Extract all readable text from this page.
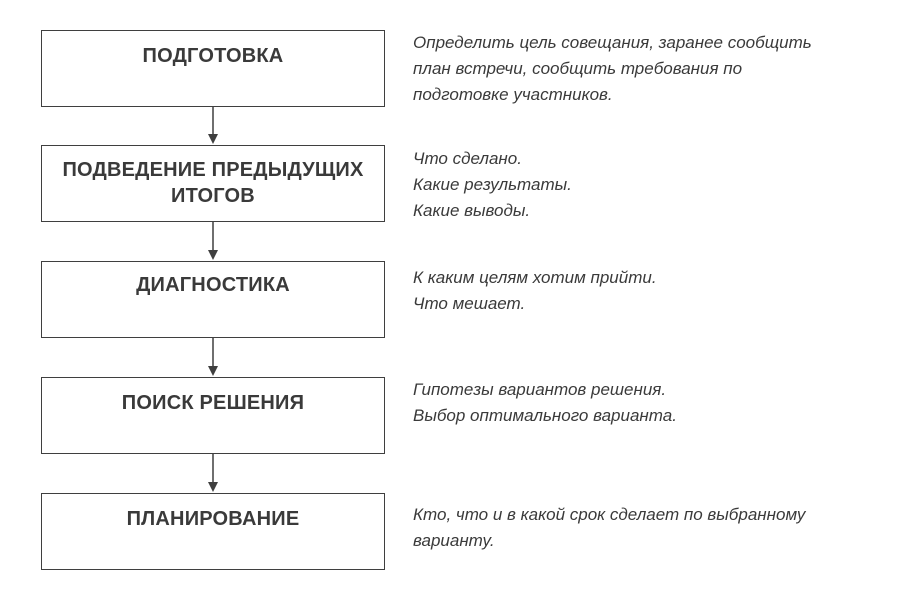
ПОДГОТОВКА
Определить цель совещания, заранее сообщить
план встречи, сообщить требования по
подготовке участников.
ПОДВЕДЕНИЕ ПРЕДЫДУЩИХ
ИТОГОВ
Что сделано.
Какие результаты.
Какие выводы.
ДИАГНОСТИКА	К каким целям хотим прийти.
Что мешает.
ПОИСК РЕШЕНИЯ
Гипотезы вариантов решения.
Выбор оптимального варианта.
ПЛАНИРОВАНИЕ	Кто, что и в какой срок сделает по выбранному
варианту.
